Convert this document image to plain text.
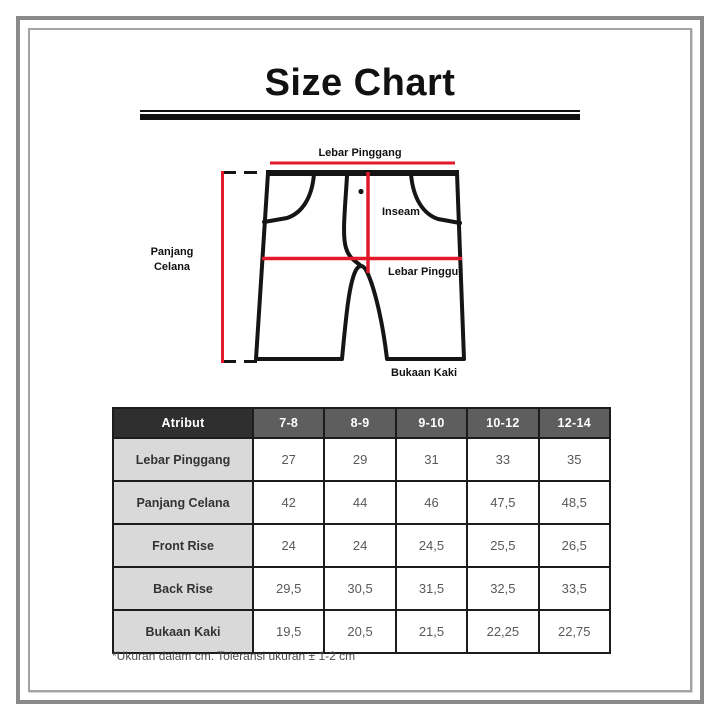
Size Chart
Lebar Pinggang
Panjang Celana
Inseam
Lebar Pinggul
Bukaan Kaki
Atribut	7-8	8-9	9-10	10-12	12-14
Lebar Pinggang	27	29	31	33	35
Panjang Celana	42	44	46	47,5	48,5
Front Rise	24	24	24,5	25,5	26,5
Back Rise	29,5	30,5	31,5	32,5	33,5
Bukaan Kaki	19,5	20,5	21,5	22,25	22,75
*Ukuran dalam cm. Toleransi ukuran ± 1-2 cm
